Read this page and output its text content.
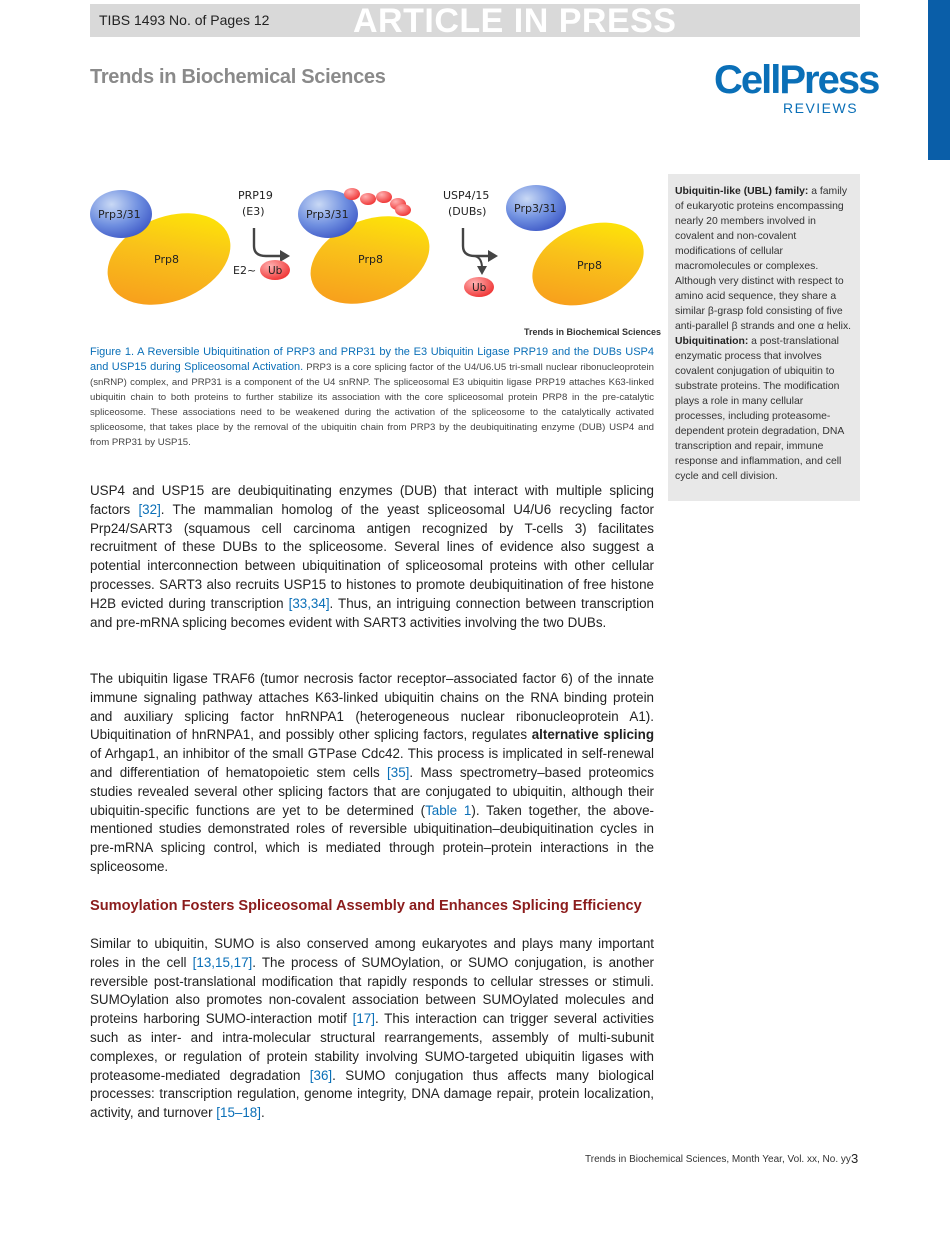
TIBS 1493 No. of Pages 12 ARTICLE IN PRESS
Trends in Biochemical Sciences	CellPress
REVIEWS
Prp3/31
Prp8
PRP19
(E3)
E2~ Ub
Prp3/31
Prp8
USP4/15
(DUBs)
Ub
Prp3/31
Prp8
Trends in Biochemical Sciences
Figure 1. A Reversible Ubiquitination of PRP3 and PRP31 by the E3 Ubiquitin Ligase PRP19 and the DUBs USP4 and USP15 during Spliceosomal Activation. PRP3 is a core splicing factor of the U4/U6.U5 tri-small nuclear ribonucleoprotein (snRNP) complex, and PRP31 is a component of the U4 snRNP. The spliceosomal E3 ubiquitin ligase PRP19 attaches K63-linked ubiquitin chain to both proteins to further stabilize its association with the core spliceosomal protein PRP8 in the pre-catalytic spliceosome. These associations need to be weakened during the activation of the spliceosome to the catalytically activated spliceosome, that takes place by the removal of the ubiquitin chain from PRP3 by the deubiquitinating enzyme (DUB) USP4 and from PRP31 by USP15.

Ubiquitin-like (UBL) family: a family of eukaryotic proteins encompassing nearly 20 members involved in covalent and non-covalent modifications of cellular macromolecules or complexes. Although very distinct with respect to amino acid sequence, they share a similar β-grasp fold consisting of five anti-parallel β strands and one α helix.

Ubiquitination: a post-translational enzymatic process that involves covalent conjugation of ubiquitin to substrate proteins. The modification plays a role in many cellular processes, including proteasome-dependent protein degradation, DNA transcription and repair, immune response and inflammation, and cell cycle and cell division.

USP4 and USP15 are deubiquitinating enzymes (DUB) that interact with multiple splicing factors [32]. The mammalian homolog of the yeast spliceosomal U4/U6 recycling factor Prp24/SART3 (squamous cell carcinoma antigen recognized by T-cells 3) facilitates recruitment of these DUBs to the spliceosome. Several lines of evidence also suggest a potential interconnection between ubiquitination of spliceosomal proteins with other cellular processes. SART3 also recruits USP15 to histones to promote deubiquitination of free histone H2B evicted during transcription [33,34]. Thus, an intriguing connection between transcription and pre-mRNA splicing becomes evident with SART3 activities involving the two DUBs.

The ubiquitin ligase TRAF6 (tumor necrosis factor receptor–associated factor 6) of the innate immune signaling pathway attaches K63-linked ubiquitin chains on the RNA binding protein and auxiliary splicing factor hnRNPA1 (heterogeneous nuclear ribonucleoprotein A1). Ubiquitination of hnRNPA1, and possibly other splicing factors, regulates alternative splicing of Arhgap1, an inhibitor of the small GTPase Cdc42. This process is implicated in self-renewal and differentiation of hematopoietic stem cells [35]. Mass spectrometry–based proteomics studies revealed several other splicing factors that are conjugated to ubiquitin, although their ubiquitin-specific functions are yet to be determined (Table 1). Taken together, the above-mentioned studies demonstrated roles of reversible ubiquitination–deubiquitination cycles in pre-mRNA splicing control, which is mediated through protein–protein interactions in the spliceosome.

Sumoylation Fosters Spliceosomal Assembly and Enhances Splicing Efficiency

Similar to ubiquitin, SUMO is also conserved among eukaryotes and plays many important roles in the cell [13,15,17]. The process of SUMOylation, or SUMO conjugation, is another reversible post-translational modification that rapidly responds to cellular stresses or stimuli. SUMOylation also promotes non-covalent association between SUMOylated molecules and proteins harboring SUMO-interaction motif [17]. This interaction can trigger several activities such as inter- and intra-molecular structural rearrangements, assembly of multi-subunit complexes, or regulation of protein stability involving SUMO-targeted ubiquitin ligases with proteasome-mediated degradation [36]. SUMO conjugation thus affects many biological processes: transcription regulation, genome integrity, DNA damage repair, protein localization, activity, and turnover [15–18].

Trends in Biochemical Sciences, Month Year, Vol. xx, No. yy 3
